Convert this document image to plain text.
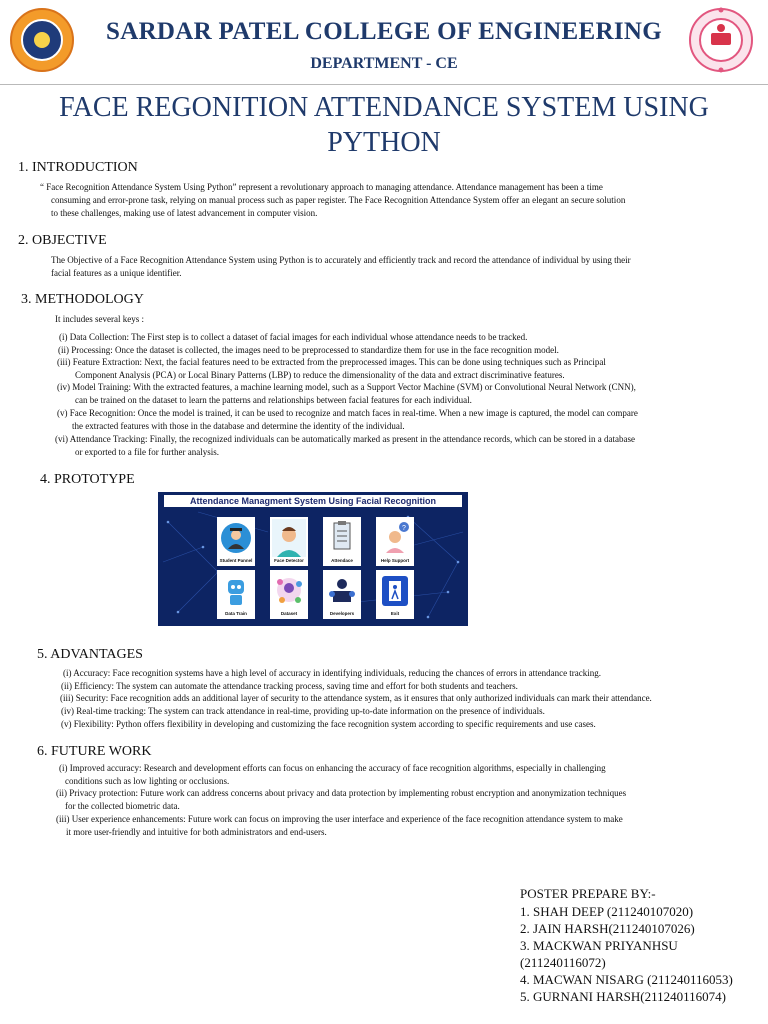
SARDAR PATEL COLLEGE OF ENGINEERING
DEPARTMENT - CE
FACE REGONITION ATTENDANCE SYSTEM USING
PYTHON
1. INTRODUCTION
“ Face Recognition Attendance System Using Python” represent a revolutionary approach to managing attendance. Attendance management has been a time
consuming and error-prone task, relying on manual process such as paper register. The Face Recognition Attendance System offer an elegant an secure solution
to these challenges, making use of latest advancement in computer vision.
2. OBJECTIVE
The Objective of a Face Recognition Attendance System using Python is to accurately and efficiently track and record the attendance of individual by using their
facial features as a unique identifier.
3. METHODOLOGY
It includes several keys :
(i) Data Collection: The First step is to collect a dataset of facial images for each individual whose attendance needs to be tracked.
(ii) Processing: Once the dataset is collected, the images need to be preprocessed to standardize them for use in the face recognition model.
(iii) Feature Extraction: Next, the facial features need to be extracted from the preprocessed images. This can be done using techniques such as Principal
Component Analysis (PCA) or Local Binary Patterns (LBP) to reduce the dimensionality of the data and extract discriminative features.
(iv) Model Training: With the extracted features, a machine learning model, such as a Support Vector Machine (SVM) or Convolutional Neural Network (CNN),
can be trained on the dataset to learn the patterns and relationships between facial features for each individual.
(v) Face Recognition: Once the model is trained, it can be used to recognize and match faces in real-time. When a new image is captured, the model can compare
the extracted features with those in the database and determine the identity of the individual.
(vi) Attendance Tracking: Finally, the recognized individuals can be automatically marked as present in the attendance records, which can be stored in a database
or exported to a file for further analysis.
4. PROTOTYPE
Attendance Managment System Using Facial Recognition
Student Pannel	Face Detector	Attendace
?
Help Support
Data Train	Dataset	Developers	Exit
5. ADVANTAGES
(i) Accuracy: Face recognition systems have a high level of accuracy in identifying individuals, reducing the chances of errors in attendance tracking.
(ii) Efficiency: The system can automate the attendance tracking process, saving time and effort for both students and teachers.
(iii) Security: Face recognition adds an additional layer of security to the attendance system, as it ensures that only authorized individuals can mark their attendance.
(iv) Real-time tracking: The system can track attendance in real-time, providing up-to-date information on the presence of individuals.
(v) Flexibility: Python offers flexibility in developing and customizing the face recognition system according to specific requirements and use cases.
6. FUTURE WORK
(i) Improved accuracy: Research and development efforts can focus on enhancing the accuracy of face recognition algorithms, especially in challenging
conditions such as low lighting or occlusions.
(ii) Privacy protection: Future work can address concerns about privacy and data protection by implementing robust encryption and anonymization techniques
for the collected biometric data.
(iii) User experience enhancements: Future work can focus on improving the user interface and experience of the face recognition attendance system to make
it more user-friendly and intuitive for both administrators and end-users.
POSTER PREPARE BY:-
1. SHAH DEEP (211240107020)
2. JAIN HARSH(211240107026)
3. MACKWAN PRIYANHSU
(211240116072)
4. MACWAN NISARG (211240116053)
5. GURNANI HARSH(211240116074)
